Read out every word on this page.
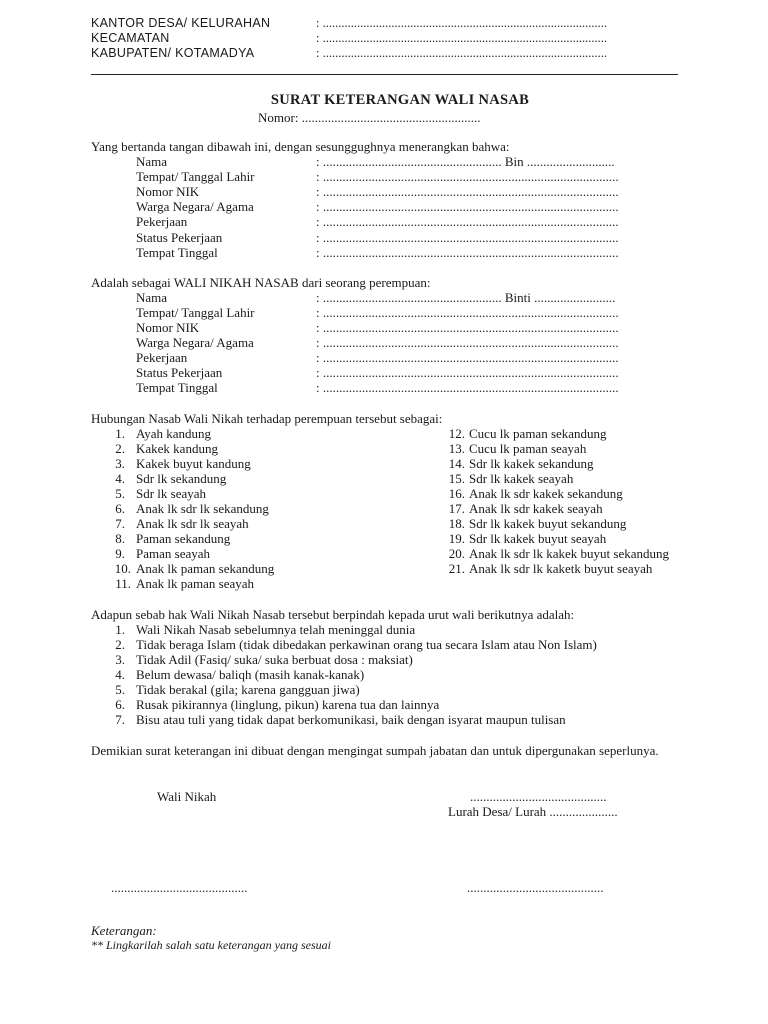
KANTOR DESA/ KELURAHAN	: ...........................................................................................
KECAMATAN	: ...........................................................................................
KABUPATEN/ KOTAMADYA	: ...........................................................................................
SURAT KETERANGAN WALI NASAB
Nomor: .......................................................
Yang bertanda tangan dibawah ini, dengan sesunggughnya menerangkan bahwa:
Nama	: ....................................................... Bin ...........................
Tempat/ Tanggal Lahir	: ...........................................................................................
Nomor NIK	: ...........................................................................................
Warga Negara/ Agama	: ...........................................................................................
Pekerjaan	: ...........................................................................................
Status Pekerjaan	: ...........................................................................................
Tempat Tinggal	: ...........................................................................................
Adalah sebagai WALI NIKAH NASAB dari seorang perempuan:
Nama	: ....................................................... Binti .........................
Tempat/ Tanggal Lahir	: ...........................................................................................
Nomor NIK	: ...........................................................................................
Warga Negara/ Agama	: ...........................................................................................
Pekerjaan	: ...........................................................................................
Status Pekerjaan	: ...........................................................................................
Tempat Tinggal	: ...........................................................................................
Hubungan Nasab Wali Nikah terhadap perempuan tersebut sebagai:
1. Ayah kandung
2. Kakek kandung
3. Kakek buyut kandung
4. Sdr lk sekandung
5. Sdr lk seayah
6. Anak lk sdr lk sekandung
7. Anak lk sdr lk seayah
8. Paman sekandung
9. Paman seayah
10. Anak lk paman sekandung
11. Anak lk paman seayah
12. Cucu lk paman sekandung
13. Cucu lk paman seayah
14. Sdr lk kakek sekandung
15. Sdr lk kakek seayah
16. Anak lk sdr kakek sekandung
17. Anak lk sdr kakek seayah
18. Sdr lk kakek buyut sekandung
19. Sdr lk kakek buyut seayah
20. Anak lk sdr lk kakek buyut sekandung
21. Anak lk sdr lk kaketk buyut seayah
Adapun sebab hak Wali Nikah Nasab tersebut berpindah kepada urut wali berikutnya adalah:
1. Wali Nikah Nasab sebelumnya telah meninggal dunia
2. Tidak beraga Islam (tidak dibedakan perkawinan orang tua secara Islam atau Non Islam)
3. Tidak Adil (Fasiq/ suka/ suka berbuat dosa : maksiat)
4. Belum dewasa/ baliqh (masih kanak-kanak)
5. Tidak berakal (gila; karena gangguan jiwa)
6. Rusak pikirannya (linglung, pikun) karena tua dan lainnya
7. Bisu atau tuli yang tidak dapat berkomunikasi, baik dengan isyarat maupun tulisan
Demikian surat keterangan ini dibuat dengan mengingat sumpah jabatan dan untuk dipergunakan seperlunya.
Wali Nikah	..........................................
Lurah Desa/ Lurah .....................
..........................................	..........................................
Keterangan:
** Lingkarilah salah satu keterangan yang sesuai
